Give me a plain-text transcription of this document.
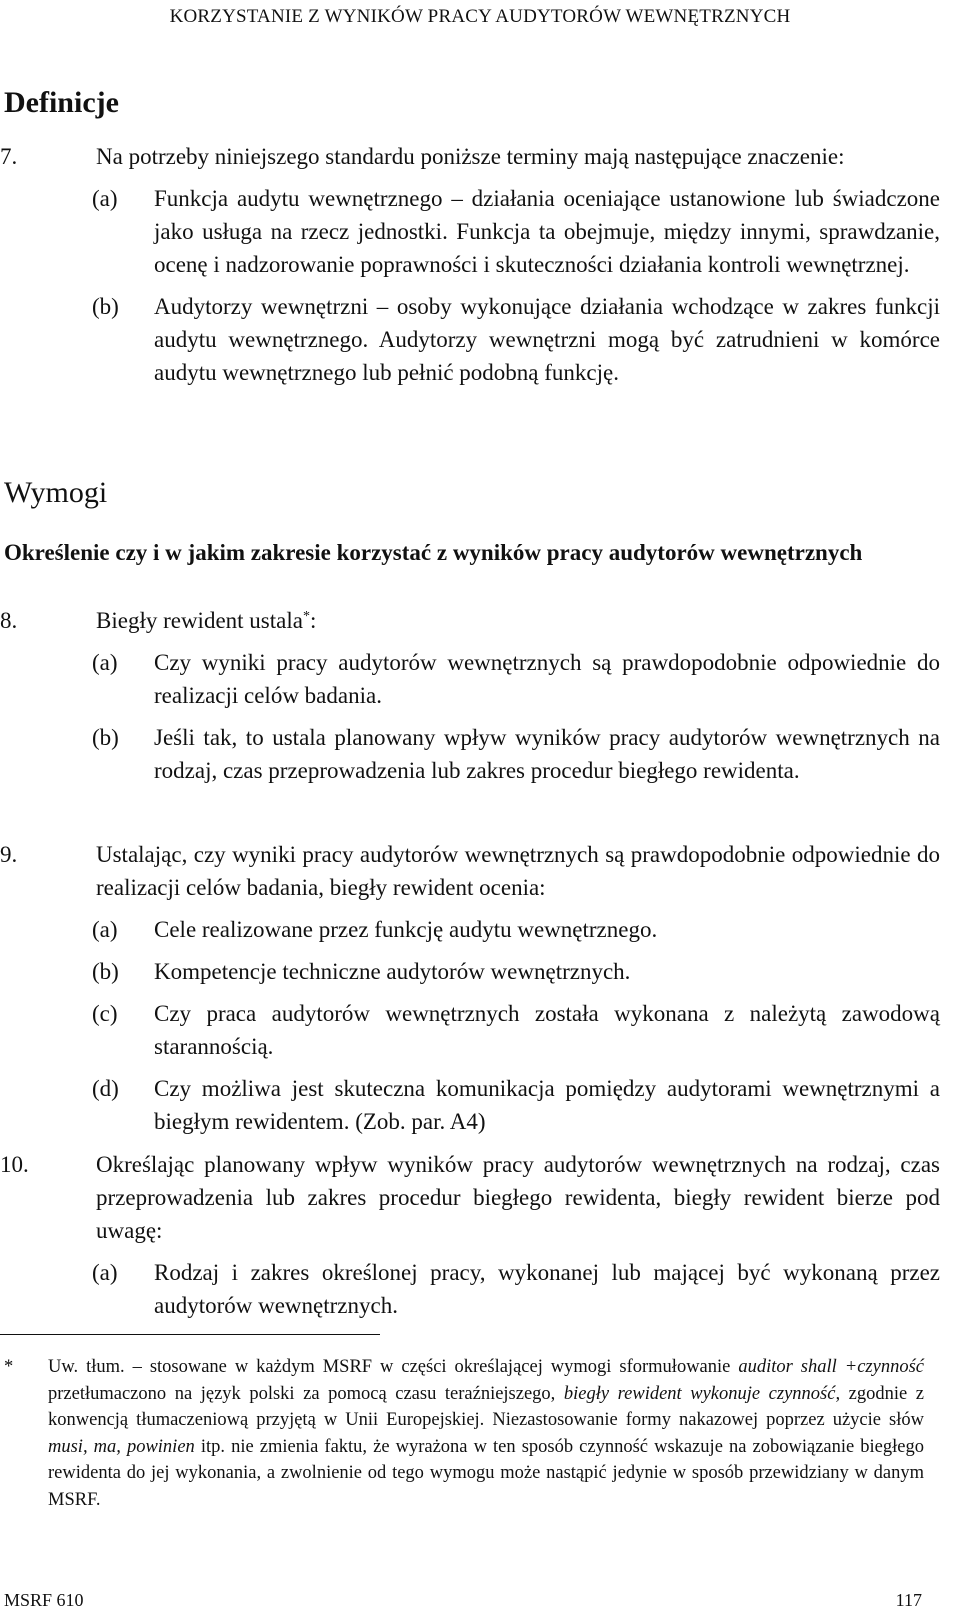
KORZYSTANIE Z WYNIKÓW PRACY AUDYTORÓW WEWNĘTRZNYCH
Definicje
7.	Na potrzeby niniejszego standardu poniższe terminy mają następujące znaczenie:
(a) Funkcja audytu wewnętrznego – działania oceniające ustanowione lub świadczone jako usługa na rzecz jednostki. Funkcja ta obejmuje, między innymi, sprawdzanie, ocenę i nadzorowanie poprawności i skuteczności działania kontroli wewnętrznej.
(b) Audytorzy wewnętrzni – osoby wykonujące działania wchodzące w zakres funkcji audytu wewnętrznego. Audytorzy wewnętrzni mogą być zatrudnieni w komórce audytu wewnętrznego lub pełnić podobną funkcję.
Wymogi
Określenie czy i w jakim zakresie korzystać z wyników pracy audytorów wewnętrznych
8.	Biegły rewident ustala*:
(a) Czy wyniki pracy audytorów wewnętrznych są prawdopodobnie odpowiednie do realizacji celów badania.
(b) Jeśli tak, to ustala planowany wpływ wyników pracy audytorów wewnętrznych na rodzaj, czas przeprowadzenia lub zakres procedur biegłego rewidenta.
9.	Ustalając, czy wyniki pracy audytorów wewnętrznych są prawdopodobnie odpowiednie do realizacji celów badania, biegły rewident ocenia:
(a) Cele realizowane przez funkcję audytu wewnętrznego.
(b) Kompetencje techniczne audytorów wewnętrznych.
(c) Czy praca audytorów wewnętrznych została wykonana z należytą zawodową starannością.
(d) Czy możliwa jest skuteczna komunikacja pomiędzy audytorami wewnętrznymi a biegłym rewidentem. (Zob. par. A4)
10.	Określając planowany wpływ wyników pracy audytorów wewnętrznych na rodzaj, czas przeprowadzenia lub zakres procedur biegłego rewidenta, biegły rewident bierze pod uwagę:
(a) Rodzaj i zakres określonej pracy, wykonanej lub mającej być wykonaną przez audytorów wewnętrznych.
*	Uw. tłum. – stosowane w każdym MSRF w części określającej wymogi sformułowanie auditor shall +czynność przetłumaczono na język polski za pomocą czasu teraźniejszego, biegły rewident wykonuje czynność, zgodnie z konwencją tłumaczeniową przyjętą w Unii Europejskiej. Niezastosowanie formy nakazowej poprzez użycie słów musi, ma, powinien itp. nie zmienia faktu, że wyrażona w ten sposób czynność wskazuje na zobowiązanie biegłego rewidenta do jej wykonania, a zwolnienie od tego wymogu może nastąpić jedynie w sposób przewidziany w danym MSRF.
MSRF 610	117
